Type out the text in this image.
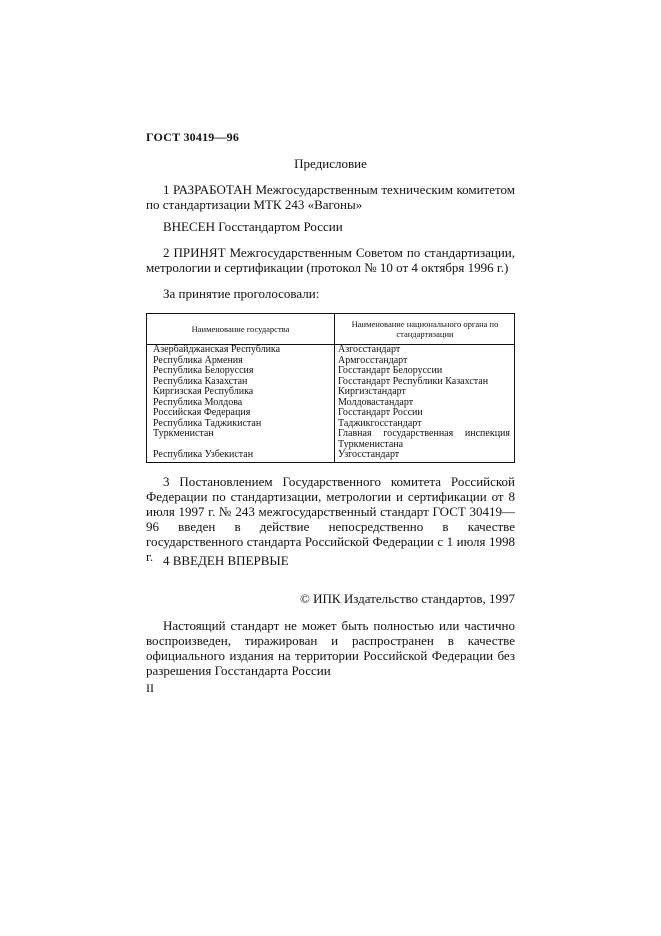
ГОСТ 30419—96
Предисловие
1 РАЗРАБОТАН Межгосударственным техническим комитетом по стандартизации МТК 243 «Вагоны»
ВНЕСЕН Госстандартом России
2 ПРИНЯТ Межгосударственным Советом по стандартизации, метрологии и сертификации (протокол № 10 от 4 октября 1996 г.)
За принятие проголосовали:
Наименование государства	Наименование национального органа по стандартизации
Азербайджанская Республика	Азгосстандарт
Республика Армения	Армгосстандарт
Республика Белоруссия	Госстандарт Белоруссии
Республика Казахстан	Госстандарт Республики Казахстан
Киргизская Республика	Киргизстандарт
Республика Молдова	Молдовастандарт
Российская Федерация	Госстандарт России
Республика Таджикистан	Таджикгосстандарт
Туркменистан	Главная государственная инспекция Туркменистана
Республика Узбекистан	Узгосстандарт
3 Постановлением Государственного комитета Российской Федерации по стандартизации, метрологии и сертификации от 8 июля 1997 г. № 243 межгосударственный стандарт ГОСТ 30419—96 введен в действие непосредственно в качестве государственного стандарта Российской Федерации с 1 июля 1998 г. 4 ВВЕДЕН ВПЕРВЫЕ
© ИПК Издательство стандартов, 1997
Настоящий стандарт не может быть полностью или частично воспроизведен, тиражирован и распространен в качестве официального издания на территории Российской Федерации без разрешения Госстандарта России
II
